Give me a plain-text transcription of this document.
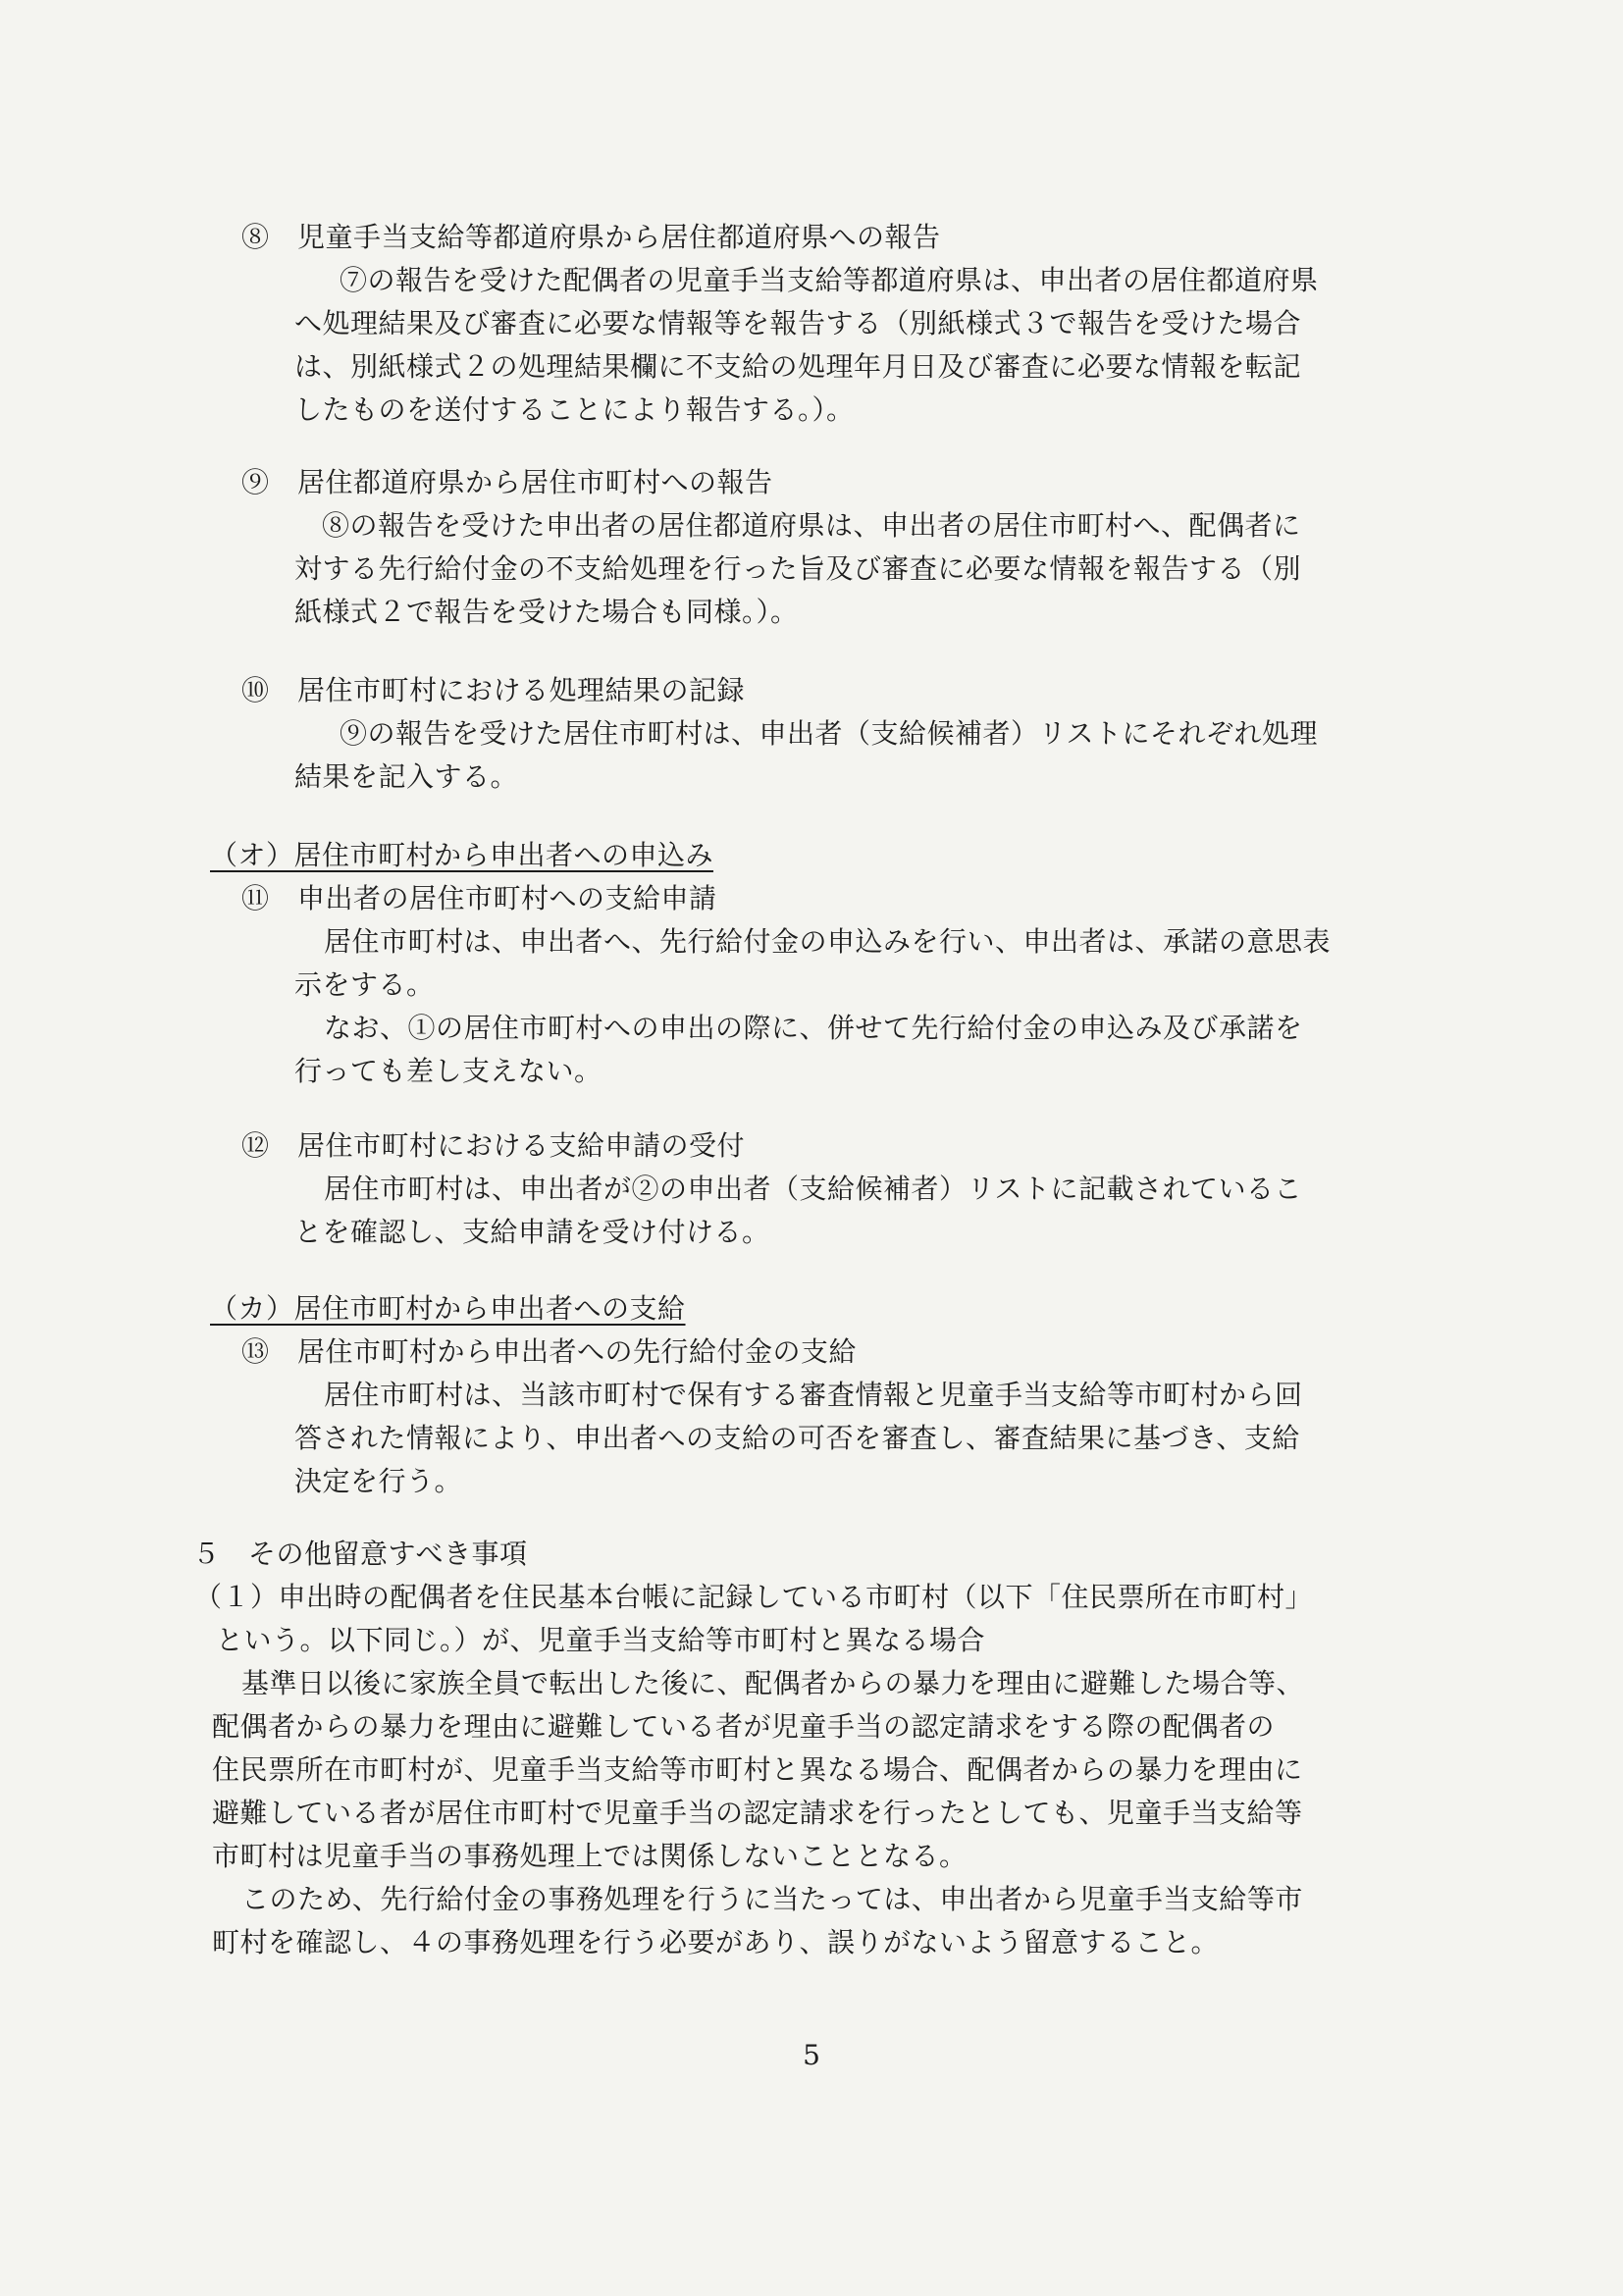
⑧　児童手当支給等都道府県から居住都道府県への報告
⑦の報告を受けた配偶者の児童手当支給等都道府県は、申出者の居住都道府県
へ処理結果及び審査に必要な情報等を報告する（別紙様式３で報告を受けた場合
は、別紙様式２の処理結果欄に不支給の処理年月日及び審査に必要な情報を転記
したものを送付することにより報告する。）。
⑨　居住都道府県から居住市町村への報告
⑧の報告を受けた申出者の居住都道府県は、申出者の居住市町村へ、配偶者に
対する先行給付金の不支給処理を行った旨及び審査に必要な情報を報告する（別
紙様式２で報告を受けた場合も同様。）。
⑩　居住市町村における処理結果の記録
⑨の報告を受けた居住市町村は、申出者（支給候補者）リストにそれぞれ処理
結果を記入する。
（オ）居住市町村から申出者への申込み
⑪　申出者の居住市町村への支給申請
居住市町村は、申出者へ、先行給付金の申込みを行い、申出者は、承諾の意思表
示をする。
なお、①の居住市町村への申出の際に、併せて先行給付金の申込み及び承諾を
行っても差し支えない。
⑫　居住市町村における支給申請の受付
居住市町村は、申出者が②の申出者（支給候補者）リストに記載されているこ
とを確認し、支給申請を受け付ける。
（カ）居住市町村から申出者への支給
⑬　居住市町村から申出者への先行給付金の支給
居住市町村は、当該市町村で保有する審査情報と児童手当支給等市町村から回
答された情報により、申出者への支給の可否を審査し、審査結果に基づき、支給
決定を行う。
５　その他留意すべき事項
（１）申出時の配偶者を住民基本台帳に記録している市町村（以下「住民票所在市町村」
という。以下同じ。）が、児童手当支給等市町村と異なる場合
基準日以後に家族全員で転出した後に、配偶者からの暴力を理由に避難した場合等、
配偶者からの暴力を理由に避難している者が児童手当の認定請求をする際の配偶者の
住民票所在市町村が、児童手当支給等市町村と異なる場合、配偶者からの暴力を理由に
避難している者が居住市町村で児童手当の認定請求を行ったとしても、児童手当支給等
市町村は児童手当の事務処理上では関係しないこととなる。
このため、先行給付金の事務処理を行うに当たっては、申出者から児童手当支給等市
町村を確認し、４の事務処理を行う必要があり、誤りがないよう留意すること。
5
